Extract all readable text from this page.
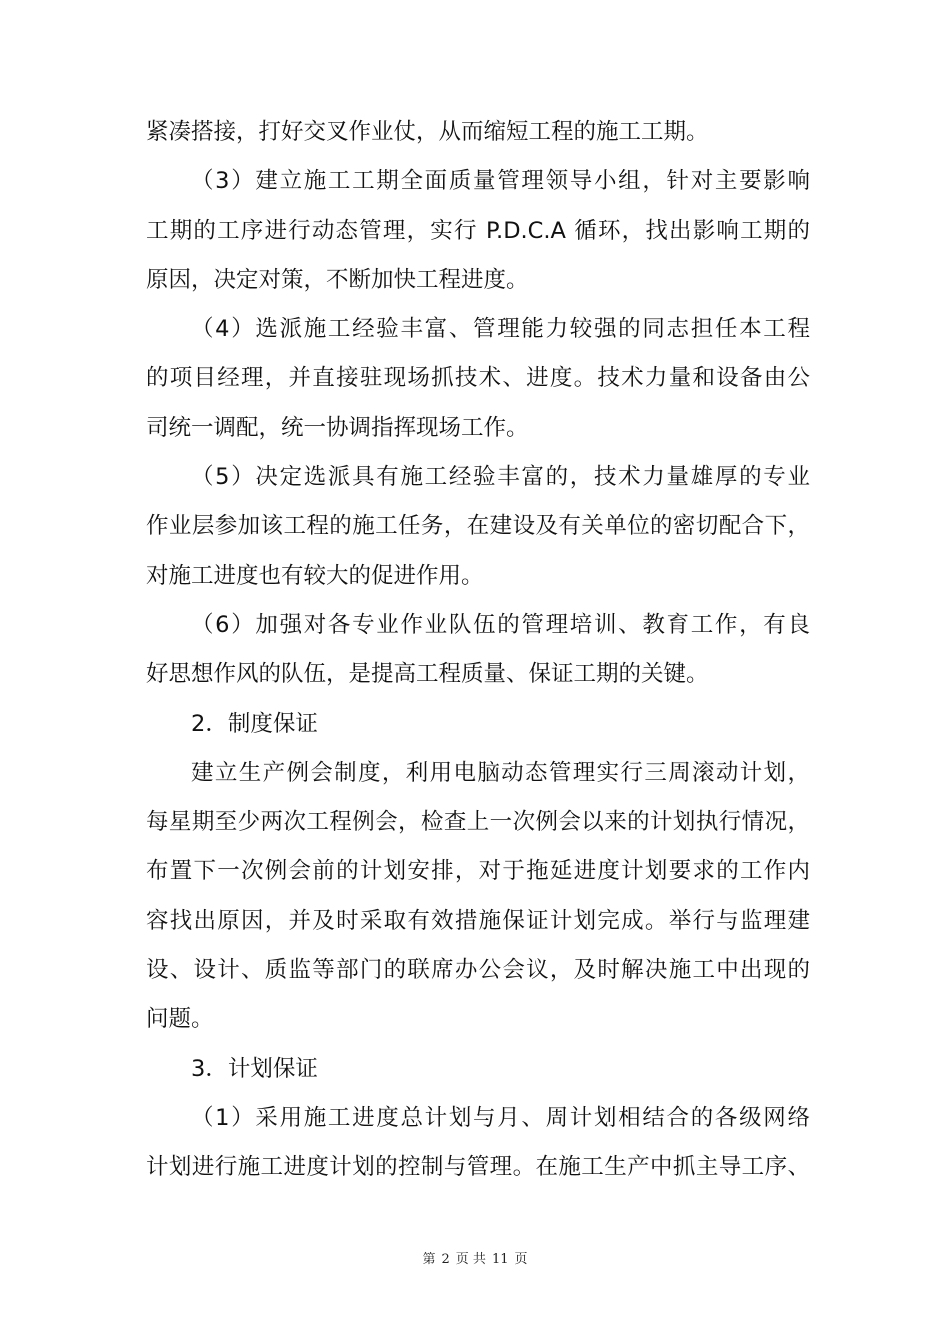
紧凑搭接，打好交叉作业仗，从而缩短工程的施工工期。

（3）建立施工工期全面质量管理领导小组，针对主要影响

工期的工序进行动态管理，实行 P.D.C.A 循环，找出影响工期的

原因，决定对策，不断加快工程进度。

（4）选派施工经验丰富、管理能力较强的同志担任本工程

的项目经理，并直接驻现场抓技术、进度。技术力量和设备由公

司统一调配，统一协调指挥现场工作。

（5）决定选派具有施工经验丰富的，技术力量雄厚的专业

作业层参加该工程的施工任务，在建设及有关单位的密切配合下，

对施工进度也有较大的促进作用。

（6）加强对各专业作业队伍的管理培训、教育工作，有良

好思想作风的队伍，是提高工程质量、保证工期的关键。

2．制度保证

建立生产例会制度，利用电脑动态管理实行三周滚动计划，

每星期至少两次工程例会，检查上一次例会以来的计划执行情况，

布置下一次例会前的计划安排，对于拖延进度计划要求的工作内

容找出原因，并及时采取有效措施保证计划完成。举行与监理建

设、设计、质监等部门的联席办公会议，及时解决施工中出现的

问题。

3．计划保证

（1）采用施工进度总计划与月、周计划相结合的各级网络

计划进行施工进度计划的控制与管理。在施工生产中抓主导工序、

第 2 页 共 11 页
